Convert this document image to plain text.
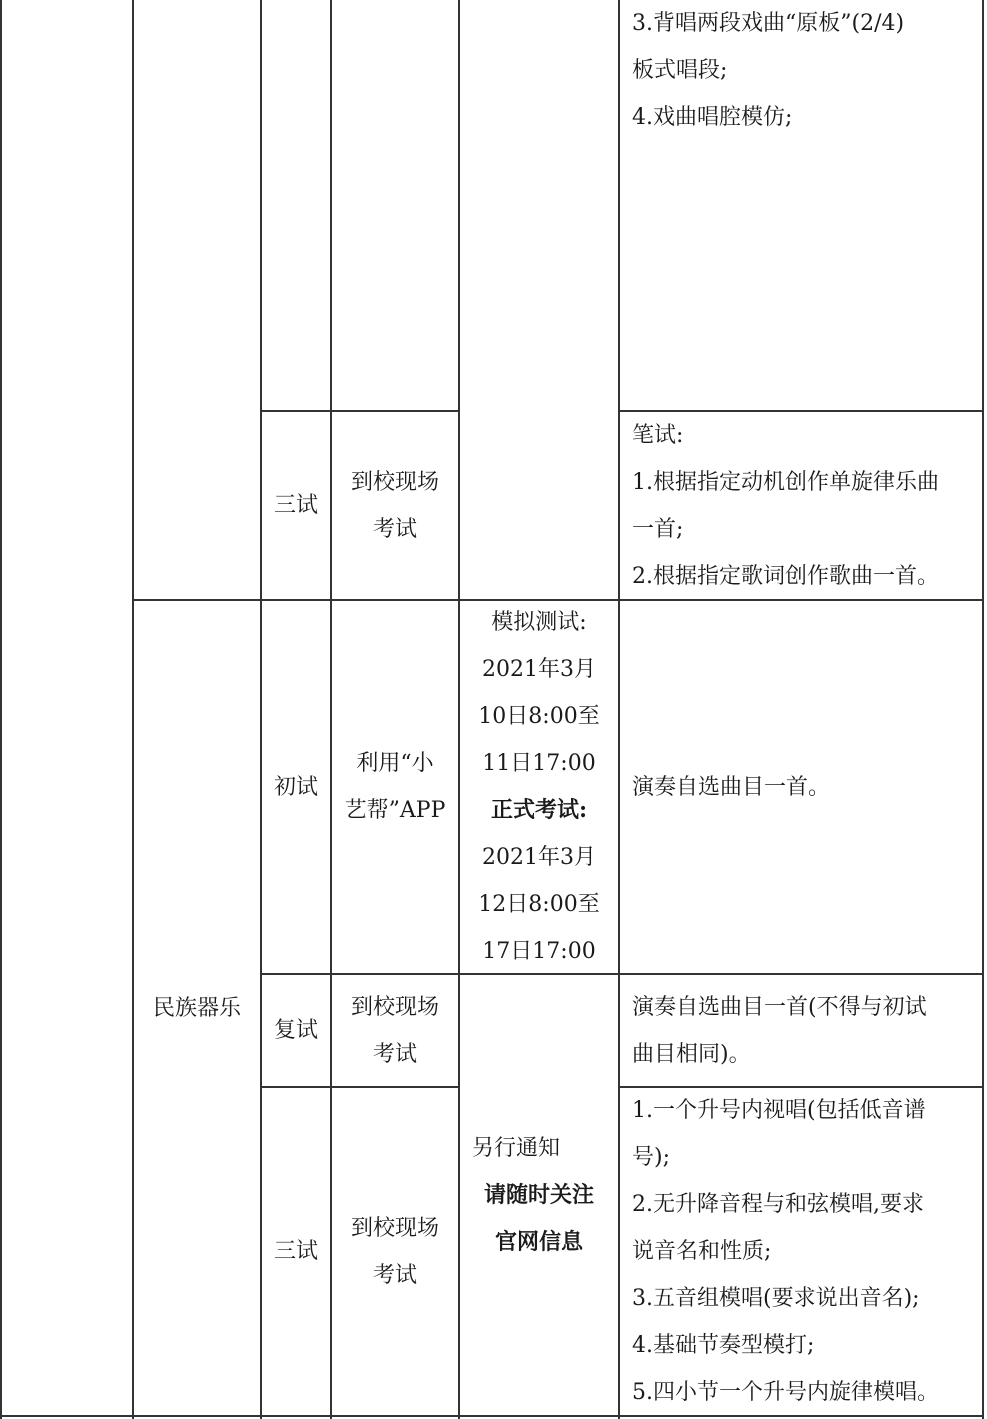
3.背唱两段戏曲“原板”(2/4)
板式唱段;
4.戏曲唱腔模仿;
三试
到校现场
考试
笔试:
1.根据指定动机创作单旋律乐曲
一首;
2.根据指定歌词创作歌曲一首。
民族器乐
初试
利用“小
艺帮”APP
模拟测试:
2021年3月
10日8:00至
11日17:00
正式考试:
2021年3月
12日8:00至
17日17:00
演奏自选曲目一首。
复试
到校现场
考试
演奏自选曲目一首(不得与初试
曲目相同)。
另行通知
请随时关注
官网信息
三试
到校现场
考试
1.一个升号内视唱(包括低音谱
号);
2.无升降音程与和弦模唱,要求
说音名和性质;
3.五音组模唱(要求说出音名);
4.基础节奏型模打;
5.四小节一个升号内旋律模唱。
